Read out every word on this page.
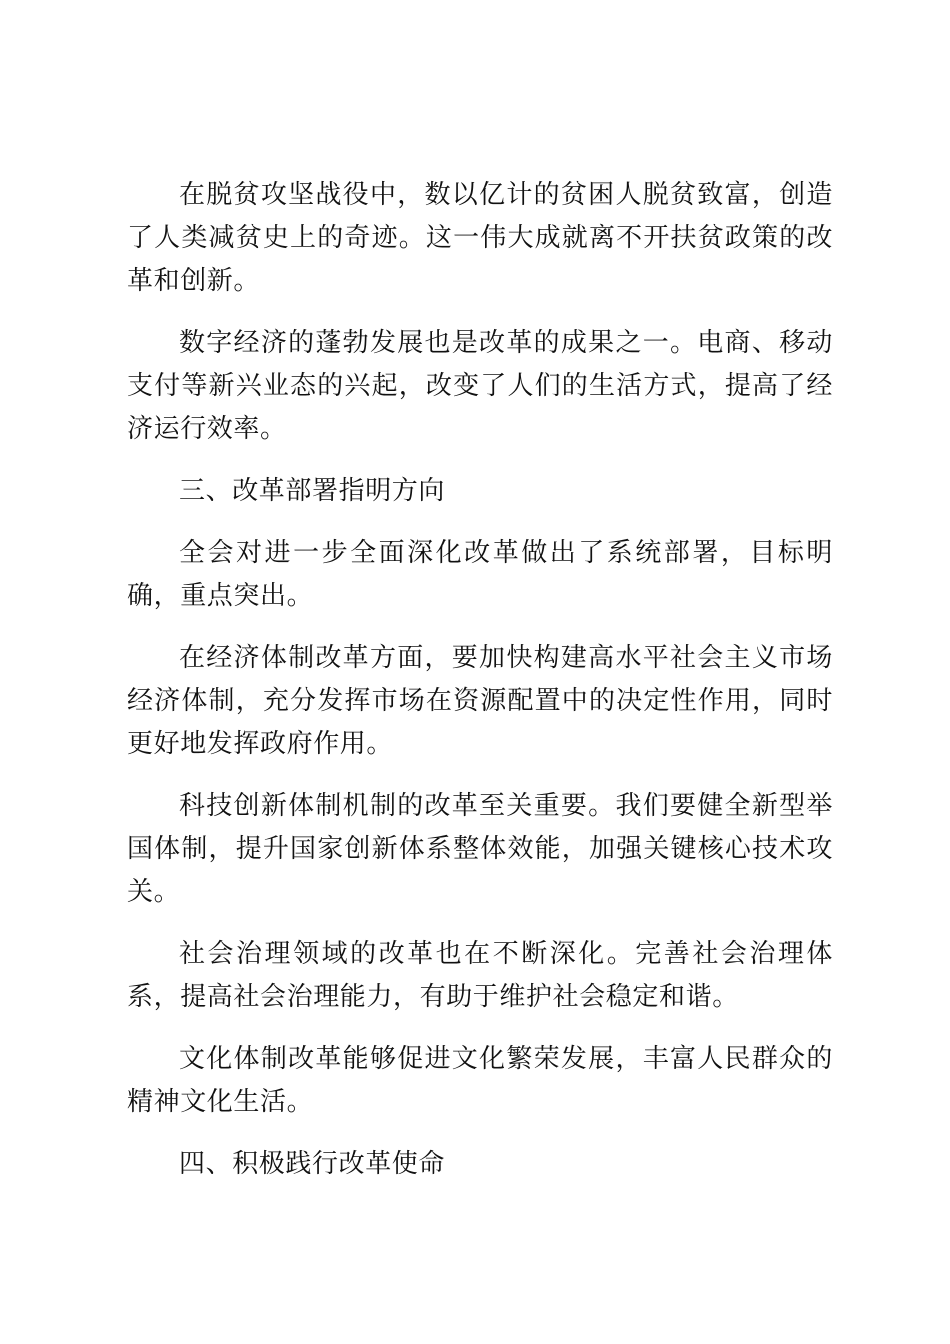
在脱贫攻坚战役中，数以亿计的贫困人脱贫致富，创造了人类减贫史上的奇迹。这一伟大成就离不开扶贫政策的改革和创新。

数字经济的蓬勃发展也是改革的成果之一。电商、移动支付等新兴业态的兴起，改变了人们的生活方式，提高了经济运行效率。

三、改革部署指明方向

全会对进一步全面深化改革做出了系统部署，目标明确，重点突出。

在经济体制改革方面，要加快构建高水平社会主义市场经济体制，充分发挥市场在资源配置中的决定性作用，同时更好地发挥政府作用。

科技创新体制机制的改革至关重要。我们要健全新型举国体制，提升国家创新体系整体效能，加强关键核心技术攻关。

社会治理领域的改革也在不断深化。完善社会治理体系，提高社会治理能力，有助于维护社会稳定和谐。

文化体制改革能够促进文化繁荣发展，丰富人民群众的精神文化生活。

四、积极践行改革使命
